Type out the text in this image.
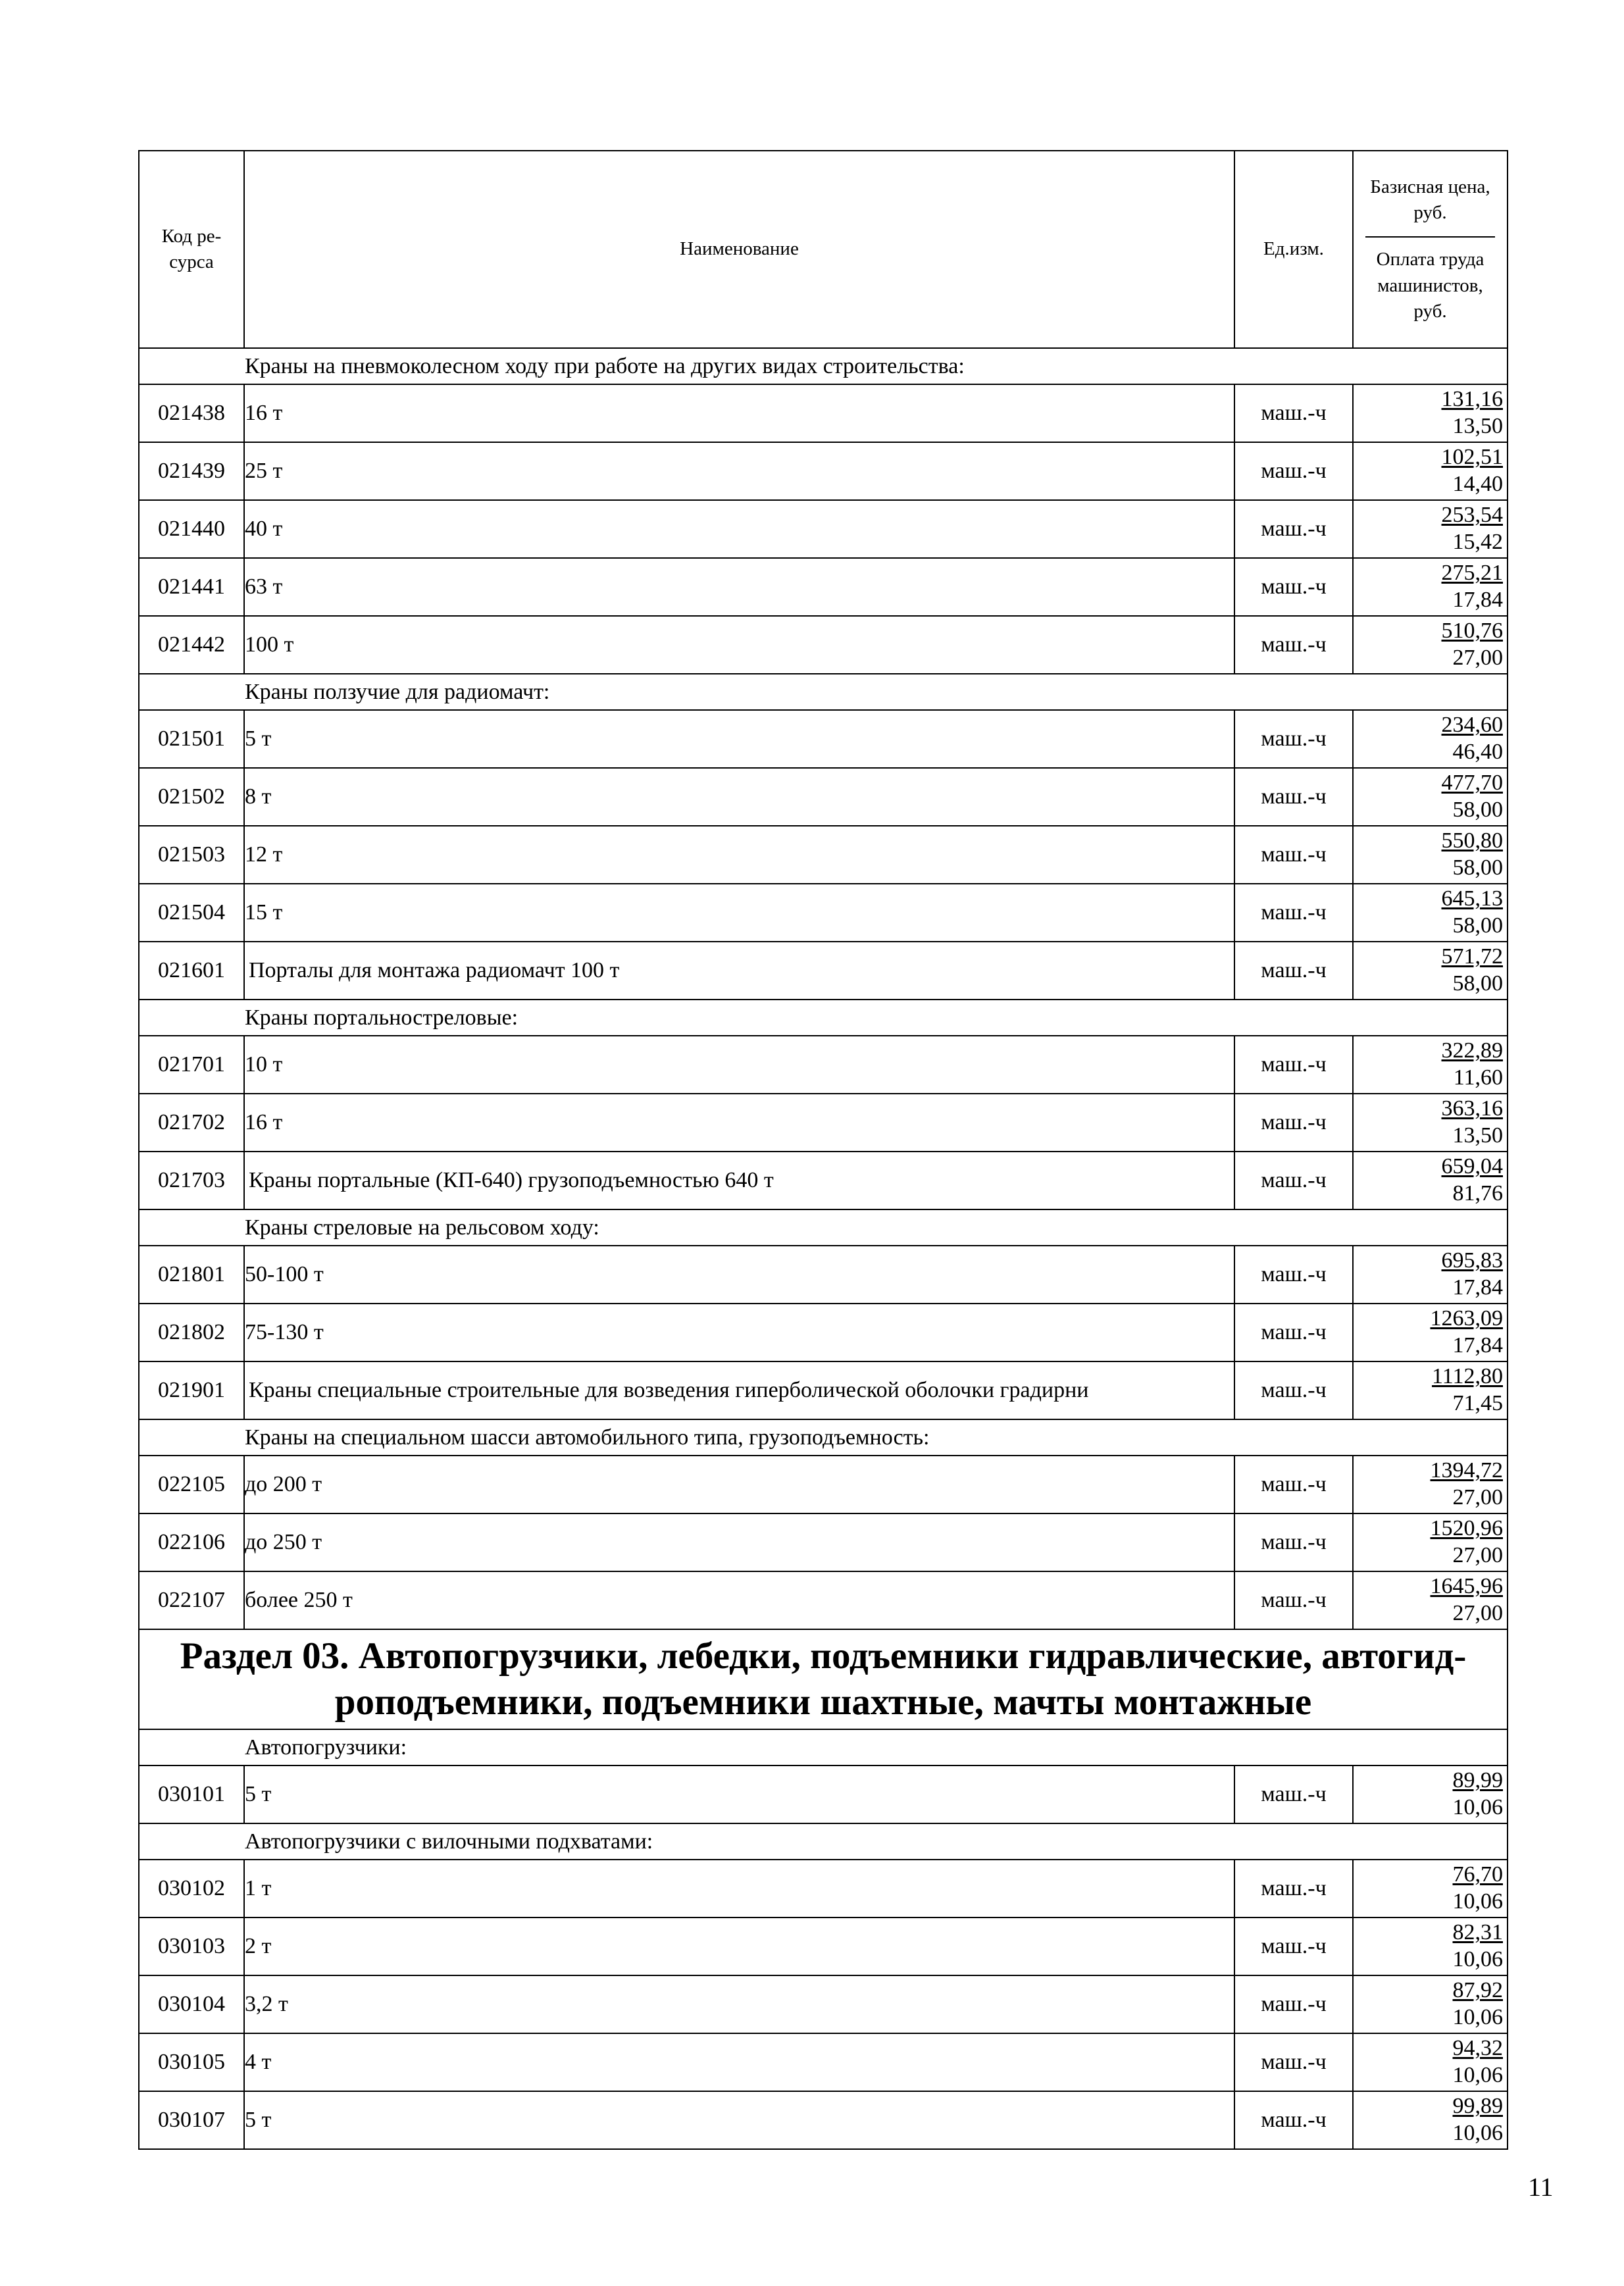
Код ре-
сурса	Наименование	Ед.изм.	Базисная цена, руб.
Оплата труда машинистов, руб.
Краны на пневмоколесном ходу при работе на других видах строительства:			
021438	16 т	маш.-ч	131,16
13,50

021439	25 т	маш.-ч	102,51
14,40

021440	40 т	маш.-ч	253,54
15,42

021441	63 т	маш.-ч	275,21
17,84

021442	100 т	маш.-ч	510,76
27,00

Краны ползучие для радиомачт:			
021501	5 т	маш.-ч	234,60
46,40

021502	8 т	маш.-ч	477,70
58,00

021503	12 т	маш.-ч	550,80
58,00

021504	15 т	маш.-ч	645,13
58,00

021601	Порталы для монтажа радиомачт 100 т	маш.-ч	571,72
58,00

Краны портальностреловые:			
021701	10 т	маш.-ч	322,89
11,60

021702	16 т	маш.-ч	363,16
13,50

021703	Краны портальные (КП-640) грузоподъемностью 640 т	маш.-ч	659,04
81,76

Краны стреловые на рельсовом ходу:			
021801	50-100 т	маш.-ч	695,83
17,84

021802	75-130 т	маш.-ч	1263,09
17,84

021901	Краны специальные строительные для возведения гиперболической оболочки градирни	маш.-ч	1112,80
71,45

Краны на специальном шасси автомобильного типа, грузоподъемность:			
022105	до 200 т	маш.-ч	1394,72
27,00

022106	до 250 т	маш.-ч	1520,96
27,00

022107	более 250 т	маш.-ч	1645,96
27,00

Раздел 03. Автопогрузчики, лебедки, подъемники гидравлические, автогид-роподъемники, подъемники шахтные, мачты монтажные			
Автопогрузчики:			
030101	5 т	маш.-ч	89,99
10,06

Автопогрузчики с вилочными подхватами:			
030102	1 т	маш.-ч	76,70
10,06

030103	2 т	маш.-ч	82,31
10,06

030104	3,2 т	маш.-ч	87,92
10,06

030105	4 т	маш.-ч	94,32
10,06

030107	5 т	маш.-ч	99,89
10,06
11
